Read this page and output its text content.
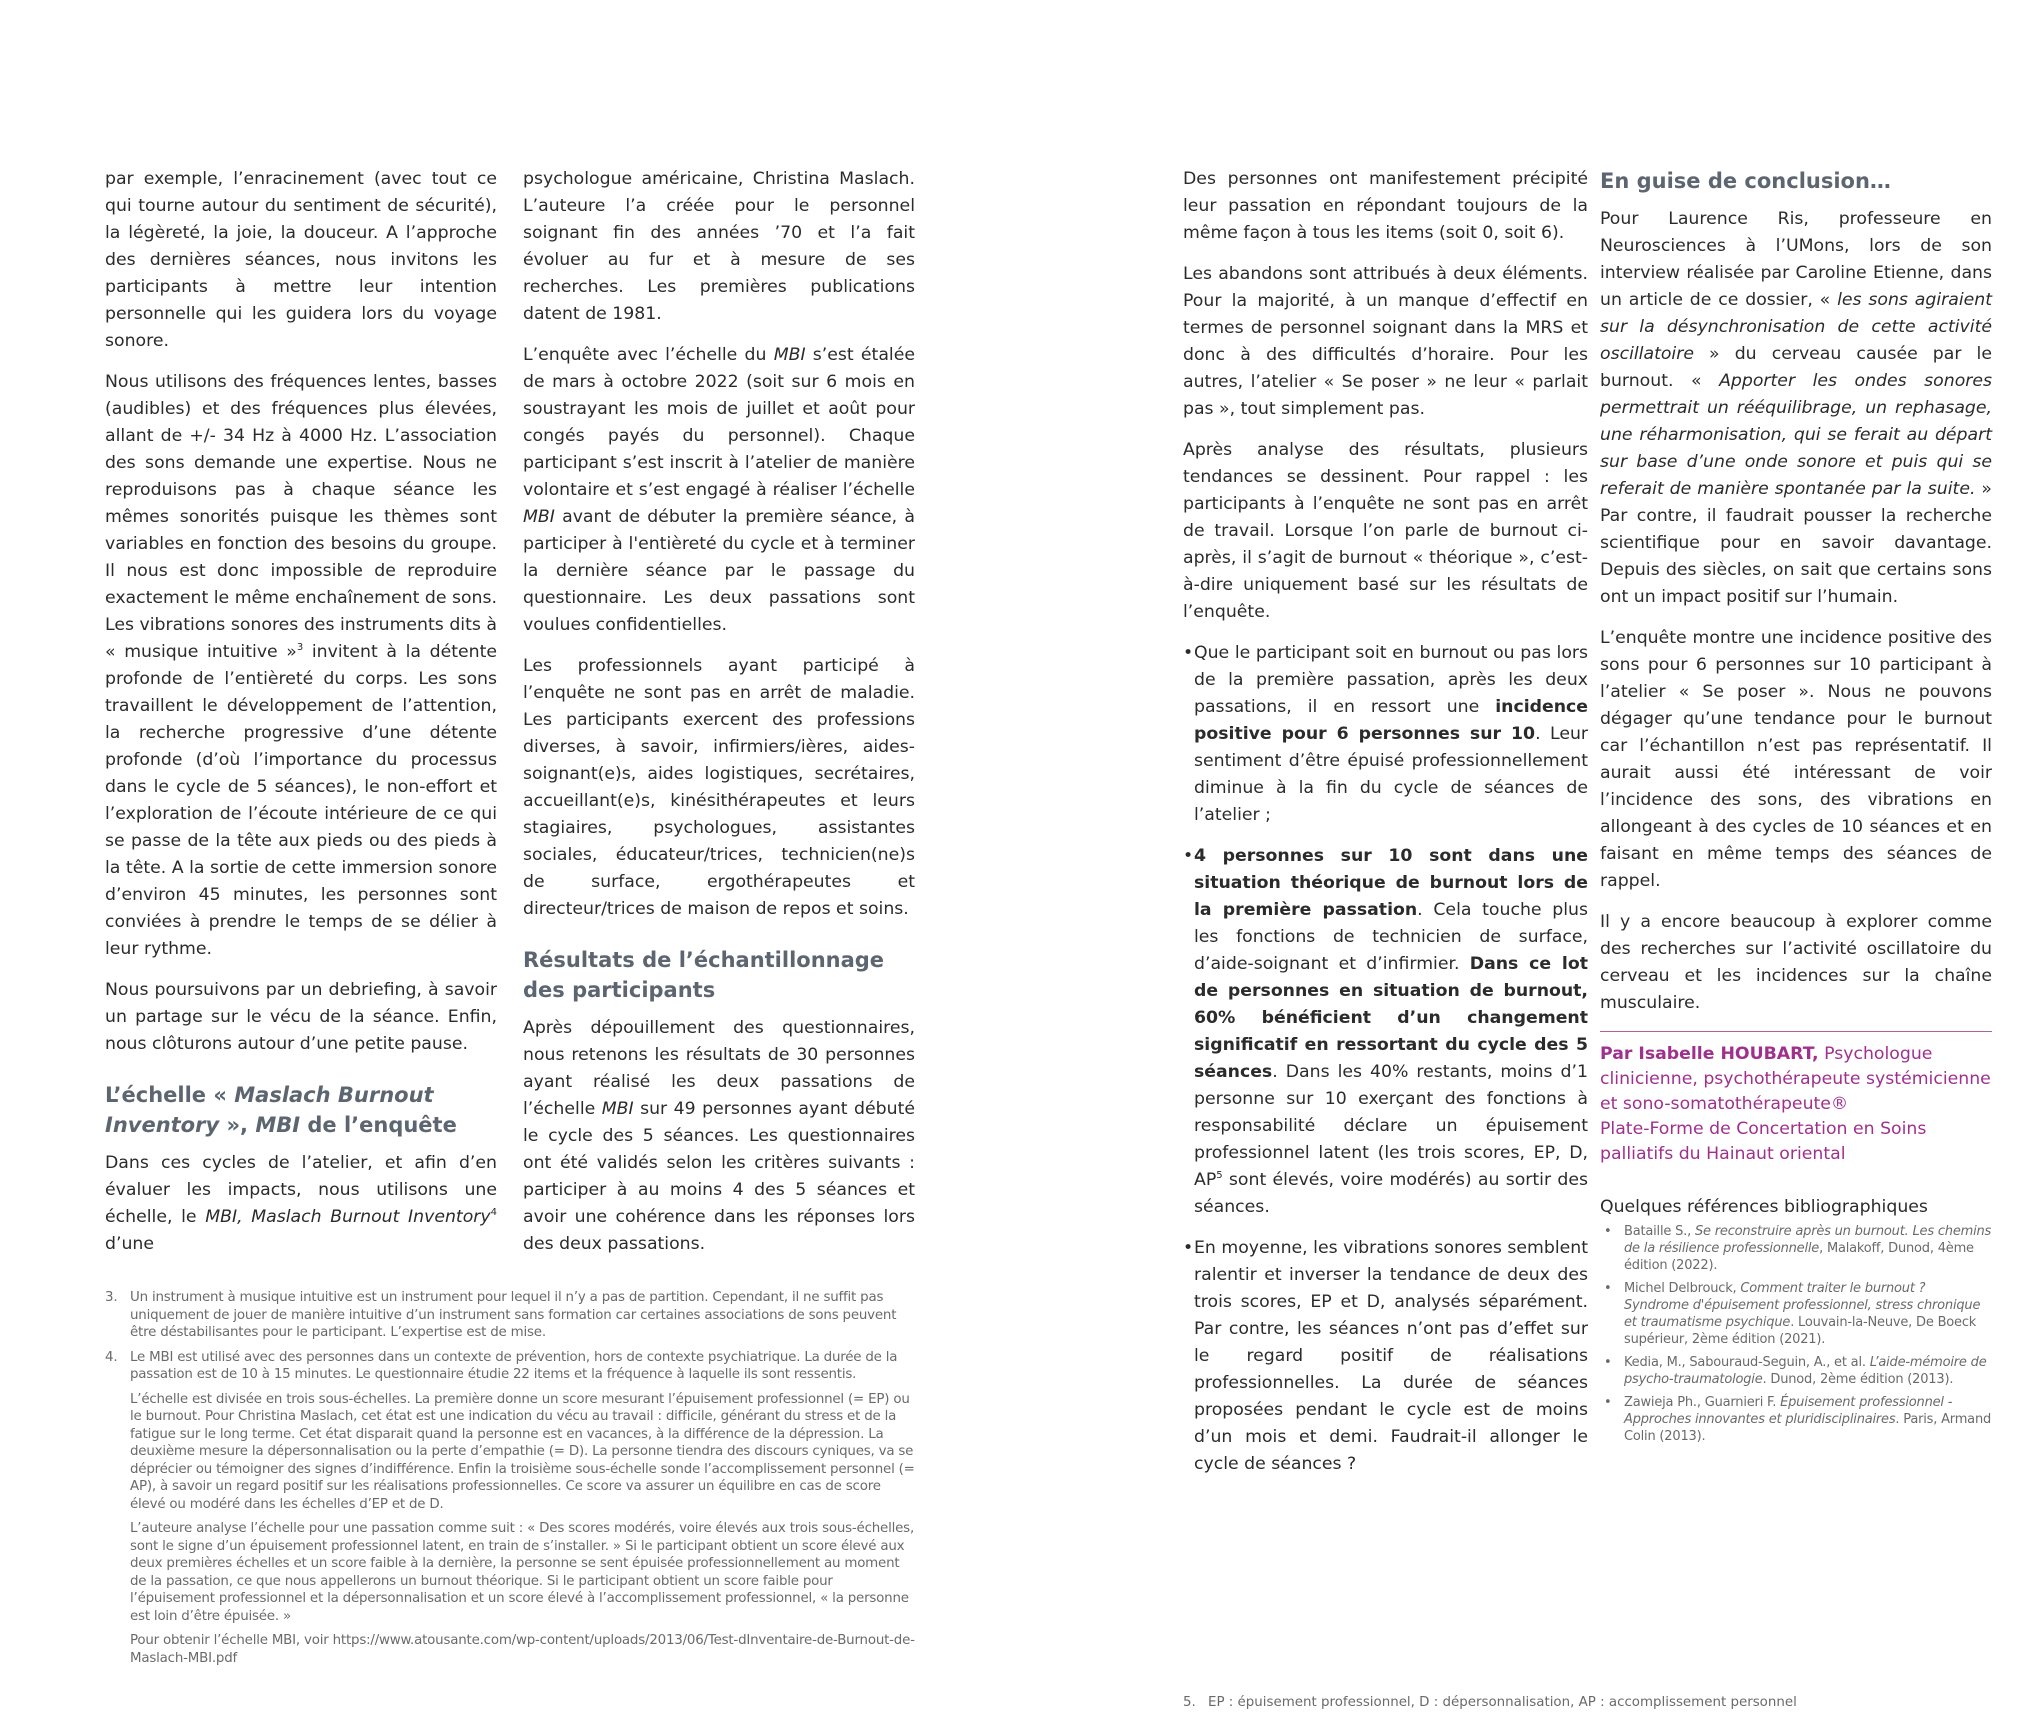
par exemple, l’enracinement (avec tout ce qui tourne autour du sentiment de sécurité), la légèreté, la joie, la douceur. A l’approche des dernières séances, nous invitons les participants à mettre leur intention personnelle qui les guidera lors du voyage sonore.

Nous utilisons des fréquences lentes, basses (audibles) et des fréquences plus élevées, allant de +/- 34 Hz à 4000 Hz. L’association des sons demande une expertise. Nous ne reproduisons pas à chaque séance les mêmes sonorités puisque les thèmes sont variables en fonction des besoins du groupe. Il nous est donc impossible de reproduire exactement le même enchaînement de sons. Les vibrations sonores des instruments dits à « musique intuitive »$^3$ invitent à la détente profonde de l’entièreté du corps. Les sons travaillent le développement de l’attention, la recherche progressive d’une détente profonde (d’où l’importance du processus dans le cycle de 5 séances), le non-effort et l’exploration de l’écoute intérieure de ce qui se passe de la tête aux pieds ou des pieds à la tête. A la sortie de cette immersion sonore d’environ 45 minutes, les personnes sont conviées à prendre le temps de se délier à leur rythme.

Nous poursuivons par un debriefing, à savoir un partage sur le vécu de la séance. Enfin, nous clôturons autour d’une petite pause.

L’échelle « Maslach Burnout Inventory », MBI de l’enquête

Dans ces cycles de l’atelier, et afin d’en évaluer les impacts, nous utilisons une échelle, le MBI, Maslach Burnout Inventory$^4$ d’une

psychologue américaine, Christina Maslach. L’auteure l’a créée pour le personnel soignant fin des années ’70 et l’a fait évoluer au fur et à mesure de ses recherches. Les premières publications datent de 1981.

L’enquête avec l’échelle du MBI s’est étalée de mars à octobre 2022 (soit sur 6 mois en soustrayant les mois de juillet et août pour congés payés du personnel). Chaque participant s’est inscrit à l’atelier de manière volontaire et s’est engagé à réaliser l’échelle MBI avant de débuter la première séance, à participer à l'entièreté du cycle et à terminer la dernière séance par le passage du questionnaire. Les deux passations sont voulues confidentielles.

Les professionnels ayant participé à l’enquête ne sont pas en arrêt de maladie. Les participants exercent des professions diverses, à savoir, infirmiers/ières, aides-soignant(e)s, aides logistiques, secrétaires, accueillant(e)s, kinésithérapeutes et leurs stagiaires, psychologues, assistantes sociales, éducateur/trices, technicien(ne)s de surface, ergothérapeutes et directeur/trices de maison de repos et soins.

Résultats de l’échantillonnage des participants

Après dépouillement des questionnaires, nous retenons les résultats de 30 personnes ayant réalisé les deux passations de l’échelle MBI sur 49 personnes ayant débuté le cycle des 5 séances. Les questionnaires ont été validés selon les critères suivants : participer à au moins 4 des 5 séances et avoir une cohérence dans les réponses lors des deux passations.

3. Un instrument à musique intuitive est un instrument pour lequel il n’y a pas de partition. Cependant, il ne suffit pas uniquement de jouer de manière intuitive d’un instrument sans formation car certaines associations de sons peuvent être déstabilisantes pour le participant. L’expertise est de mise.

4. Le MBI est utilisé avec des personnes dans un contexte de prévention, hors de contexte psychiatrique. La durée de la passation est de 10 à 15 minutes. Le questionnaire étudie 22 items et la fréquence à laquelle ils sont ressentis.

L’échelle est divisée en trois sous-échelles. La première donne un score mesurant l’épuisement professionnel (= EP) ou le burnout. Pour Christina Maslach, cet état est une indication du vécu au travail : difficile, générant du stress et de la fatigue sur le long terme. Cet état disparait quand la personne est en vacances, à la différence de la dépression. La deuxième mesure la dépersonnalisation ou la perte d’empathie (= D). La personne tiendra des discours cyniques, va se déprécier ou témoigner des signes d’indifférence. Enfin la troisième sous-échelle sonde l’accomplissement personnel (= AP), à savoir un regard positif sur les réalisations professionnelles. Ce score va assurer un équilibre en cas de score élevé ou modéré dans les échelles d’EP et de D.

L’auteure analyse l’échelle pour une passation comme suit : « Des scores modérés, voire élevés aux trois sous-échelles, sont le signe d’un épuisement professionnel latent, en train de s’installer. » Si le participant obtient un score élevé aux deux premières échelles et un score faible à la dernière, la personne se sent épuisée professionnellement au moment de la passation, ce que nous appellerons un burnout théorique. Si le participant obtient un score faible pour l’épuisement professionnel et la dépersonnalisation et un score élevé à l’accomplissement professionnel, « la personne est loin d’être épuisée. »

Pour obtenir l’échelle MBI, voir https://www.atousante.com/wp-content/uploads/2013/06/Test-dInventaire-de-Burnout-de-Maslach-MBI.pdf

Des personnes ont manifestement précipité leur passation en répondant toujours de la même façon à tous les items (soit 0, soit 6).

Les abandons sont attribués à deux éléments. Pour la majorité, à un manque d’effectif en termes de personnel soignant dans la MRS et donc à des difficultés d’horaire. Pour les autres, l’atelier « Se poser » ne leur « parlait pas », tout simplement pas.

Après analyse des résultats, plusieurs tendances se dessinent. Pour rappel : les participants à l’enquête ne sont pas en arrêt de travail. Lorsque l’on parle de burnout ci-après, il s’agit de burnout « théorique », c’est-à-dire uniquement basé sur les résultats de l’enquête.

• Que le participant soit en burnout ou pas lors de la première passation, après les deux passations, il en ressort une incidence positive pour 6 personnes sur 10. Leur sentiment d’être épuisé professionnellement diminue à la fin du cycle de séances de l’atelier ;
• 4 personnes sur 10 sont dans une situation théorique de burnout lors de la première passation. Cela touche plus les fonctions de technicien de surface, d’aide-soignant et d’infirmier. Dans ce lot de personnes en situation de burnout, 60% bénéficient d’un changement significatif en ressortant du cycle des 5 séances. Dans les 40% restants, moins d’1 personne sur 10 exerçant des fonctions à responsabilité déclare un épuisement professionnel latent (les trois scores, EP, D, $AP^5$ sont élevés, voire modérés) au sortir des séances.
• En moyenne, les vibrations sonores semblent ralentir et inverser la tendance de deux des trois scores, EP et D, analysés séparément. Par contre, les séances n’ont pas d’effet sur le regard positif de réalisations professionnelles. La durée de séances proposées pendant le cycle est de moins d’un mois et demi. Faudrait-il allonger le cycle de séances ?
En guise de conclusion…

Pour Laurence Ris, professeure en Neurosciences à l’UMons, lors de son interview réalisée par Caroline Etienne, dans un article de ce dossier, « les sons agiraient sur la désynchronisation de cette activité oscillatoire » du cerveau causée par le burnout. « Apporter les ondes sonores permettrait un rééquilibrage, un rephasage, une réharmonisation, qui se ferait au départ sur base d’une onde sonore et puis qui se referait de manière spontanée par la suite. » Par contre, il faudrait pousser la recherche scientifique pour en savoir davantage. Depuis des siècles, on sait que certains sons ont un impact positif sur l’humain.

L’enquête montre une incidence positive des sons pour 6 personnes sur 10 participant à l’atelier « Se poser ». Nous ne pouvons dégager qu’une tendance pour le burnout car l’échantillon n’est pas représentatif. Il aurait aussi été intéressant de voir l’incidence des sons, des vibrations en allongeant à des cycles de 10 séances et en faisant en même temps des séances de rappel.

Il y a encore beaucoup à explorer comme des recherches sur l’activité oscillatoire du cerveau et les incidences sur la chaîne musculaire.

Par Isabelle HOUBART, Psychologue clinicienne, psychothérapeute systémicienne et sono-somatothérapeute®
Plate-Forme de Concertation en Soins palliatifs du Hainaut oriental
Quelques références bibliographiques
• Bataille S., Se reconstruire après un burnout. Les chemins de la résilience professionnelle, Malakoff, Dunod, 4ème édition (2022).
• Michel Delbrouck, Comment traiter le burnout ? Syndrome d'épuisement professionnel, stress chronique et traumatisme psychique. Louvain-la-Neuve, De Boeck supérieur, 2ème édition (2021).
• Kedia, M., Sabouraud-Seguin, A., et al. L’aide-mémoire de psycho-traumatologie. Dunod, 2ème édition (2013).
• Zawieja Ph., Guarnieri F. Épuisement professionnel - Approches innovantes et pluridisciplinaires. Paris, Armand Colin (2013).
5. EP : épuisement professionnel, D : dépersonnalisation, AP : accomplissement personnel
